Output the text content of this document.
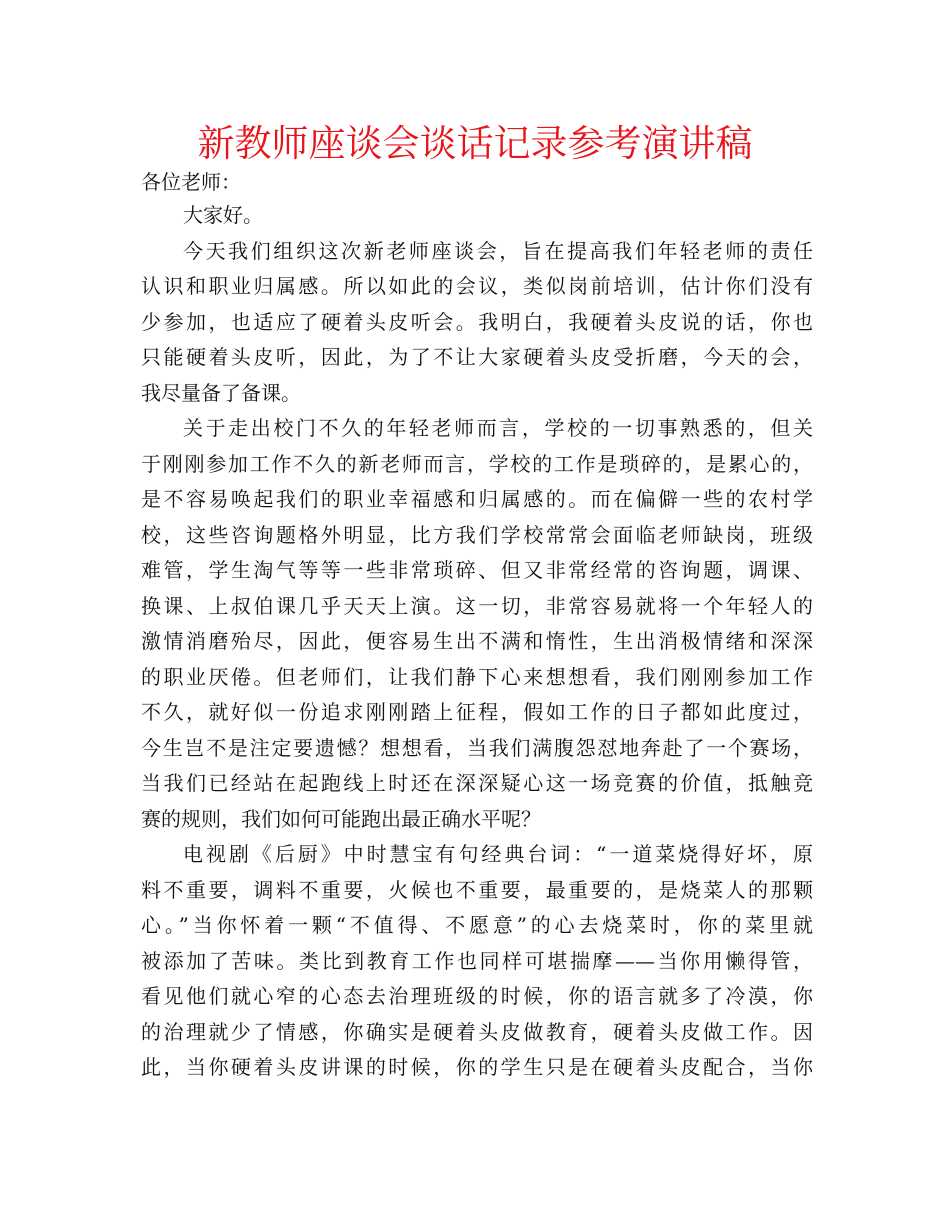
新教师座谈会谈话记录参考演讲稿
各位老师：
大家好。
今天我们组织这次新老师座谈会，旨在提高我们年轻老师的责任
认识和职业归属感。所以如此的会议，类似岗前培训，估计你们没有
少参加，也适应了硬着头皮听会。我明白，我硬着头皮说的话，你也
只能硬着头皮听，因此，为了不让大家硬着头皮受折磨，今天的会，
我尽量备了备课。
关于走出校门不久的年轻老师而言，学校的一切事熟悉的，但关
于刚刚参加工作不久的新老师而言，学校的工作是琐碎的，是累心的，
是不容易唤起我们的职业幸福感和归属感的。而在偏僻一些的农村学
校，这些咨询题格外明显，比方我们学校常常会面临老师缺岗，班级
难管，学生淘气等等一些非常琐碎、但又非常经常的咨询题，调课、
换课、上叔伯课几乎天天上演。这一切，非常容易就将一个年轻人的
激情消磨殆尽，因此，便容易生出不满和惰性，生出消极情绪和深深
的职业厌倦。但老师们，让我们静下心来想想看，我们刚刚参加工作
不久，就好似一份追求刚刚踏上征程，假如工作的日子都如此度过，
今生岂不是注定要遗憾？想想看，当我们满腹怨怼地奔赴了一个赛场，
当我们已经站在起跑线上时还在深深疑心这一场竞赛的价值，抵触竞
赛的规则，我们如何可能跑出最正确水平呢？
电视剧《后厨》中时慧宝有句经典台词：“一道菜烧得好坏，原
料不重要，调料不重要，火候也不重要，最重要的，是烧菜人的那颗
心。”当你怀着一颗“不值得、不愿意”的心去烧菜时，你的菜里就
被添加了苦味。类比到教育工作也同样可堪揣摩——当你用懒得管，
看见他们就心窄的心态去治理班级的时候，你的语言就多了冷漠，你
的治理就少了情感，你确实是硬着头皮做教育，硬着头皮做工作。因
此，当你硬着头皮讲课的时候，你的学生只是在硬着头皮配合，当你
